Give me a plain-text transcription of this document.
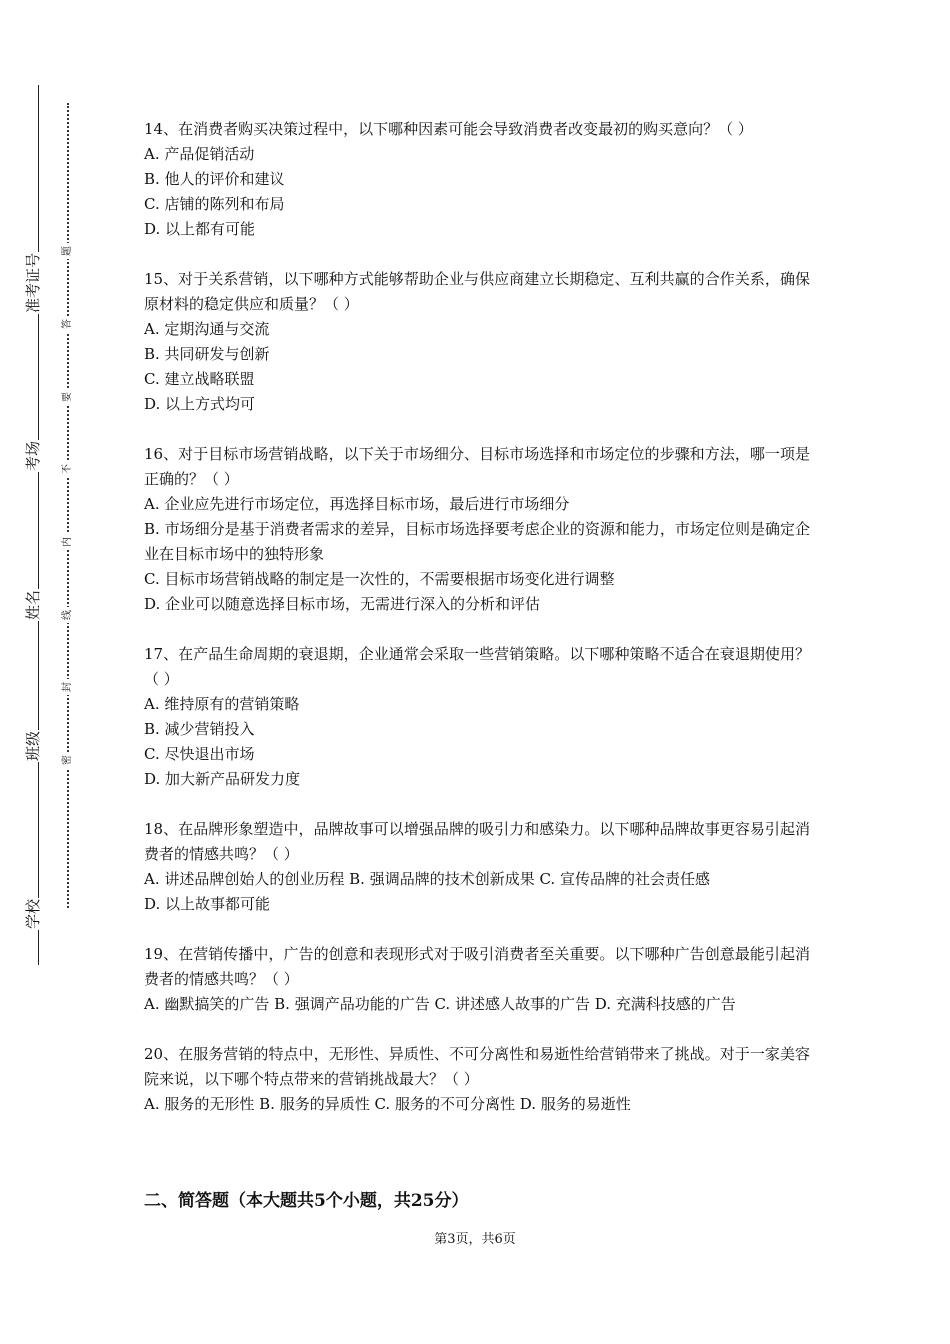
准考证号
考场
姓名
班级
学校
题
答
要
不
内
线
封
密
14、在消费者购买决策过程中，以下哪种因素可能会导致消费者改变最初的购买意向？（ ）
A. 产品促销活动
B. 他人的评价和建议
C. 店铺的陈列和布局
D. 以上都有可能
15、对于关系营销，以下哪种方式能够帮助企业与供应商建立长期稳定、互利共赢的合作关系，确保原材料的稳定供应和质量？（ ）
A. 定期沟通与交流
B. 共同研发与创新
C. 建立战略联盟
D. 以上方式均可
16、对于目标市场营销战略，以下关于市场细分、目标市场选择和市场定位的步骤和方法，哪一项是正确的？（ ）
A. 企业应先进行市场定位，再选择目标市场，最后进行市场细分
B. 市场细分是基于消费者需求的差异，目标市场选择要考虑企业的资源和能力，市场定位则是确定企业在目标市场中的独特形象
C. 目标市场营销战略的制定是一次性的，不需要根据市场变化进行调整
D. 企业可以随意选择目标市场，无需进行深入的分析和评估
17、在产品生命周期的衰退期，企业通常会采取一些营销策略。以下哪种策略不适合在衰退期使用？（ ）
A. 维持原有的营销策略
B. 减少营销投入
C. 尽快退出市场
D. 加大新产品研发力度
18、在品牌形象塑造中，品牌故事可以增强品牌的吸引力和感染力。以下哪种品牌故事更容易引起消费者的情感共鸣？（ ）
A. 讲述品牌创始人的创业历程 B. 强调品牌的技术创新成果 C. 宣传品牌的社会责任感
D. 以上故事都可能
19、在营销传播中，广告的创意和表现形式对于吸引消费者至关重要。以下哪种广告创意最能引起消费者的情感共鸣？（ ）
A. 幽默搞笑的广告 B. 强调产品功能的广告 C. 讲述感人故事的广告 D. 充满科技感的广告
20、在服务营销的特点中，无形性、异质性、不可分离性和易逝性给营销带来了挑战。对于一家美容院来说，以下哪个特点带来的营销挑战最大？（ ）
A. 服务的无形性 B. 服务的异质性 C. 服务的不可分离性 D. 服务的易逝性
二、简答题（本大题共5个小题，共25分）
第3页，共6页
